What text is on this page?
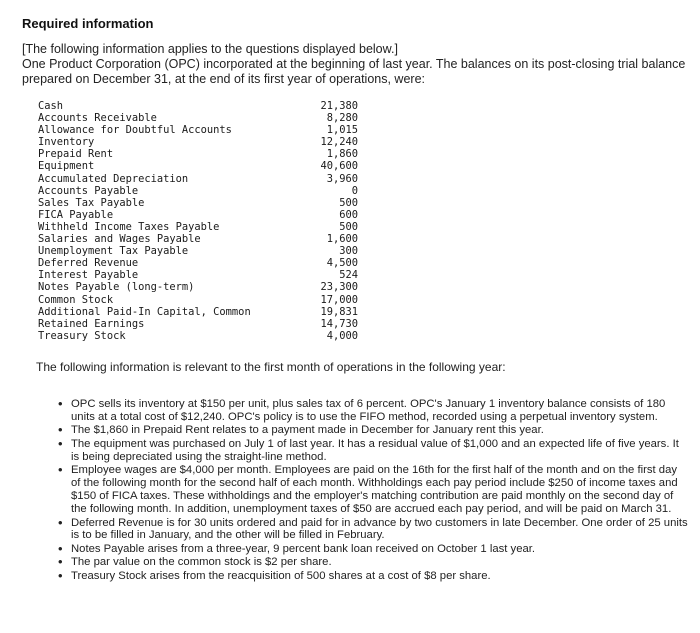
Required information
[The following information applies to the questions displayed below.]
One Product Corporation (OPC) incorporated at the beginning of last year. The balances on its post-closing trial balance
prepared on December 31, at the end of its first year of operations, were:
Cash	21,380
Accounts Receivable	8,280
Allowance for Doubtful Accounts	1,015
Inventory	12,240
Prepaid Rent	1,860
Equipment	40,600
Accumulated Depreciation	3,960
Accounts Payable	0
Sales Tax Payable	500
FICA Payable	600
Withheld Income Taxes Payable	500
Salaries and Wages Payable	1,600
Unemployment Tax Payable	300
Deferred Revenue	4,500
Interest Payable	524
Notes Payable (long-term)	23,300
Common Stock	17,000
Additional Paid-In Capital, Common	19,831
Retained Earnings	14,730
Treasury Stock	4,000
The following information is relevant to the first month of operations in the following year:
• OPC sells its inventory at $150 per unit, plus sales tax of 6 percent. OPC's January 1 inventory balance consists of 180 units at a total cost of $12,240. OPC's policy is to use the FIFO method, recorded using a perpetual inventory system.
• The $1,860 in Prepaid Rent relates to a payment made in December for January rent this year.
• The equipment was purchased on July 1 of last year. It has a residual value of $1,000 and an expected life of five years. It is being depreciated using the straight-line method.
• Employee wages are $4,000 per month. Employees are paid on the 16th for the first half of the month and on the first day of the following month for the second half of each month. Withholdings each pay period include $250 of income taxes and $150 of FICA taxes. These withholdings and the employer's matching contribution are paid monthly on the second day of the following month. In addition, unemployment taxes of $50 are accrued each pay period, and will be paid on March 31.
• Deferred Revenue is for 30 units ordered and paid for in advance by two customers in late December. One order of 25 units is to be filled in January, and the other will be filled in February.
• Notes Payable arises from a three-year, 9 percent bank loan received on October 1 last year.
• The par value on the common stock is $2 per share.
• Treasury Stock arises from the reacquisition of 500 shares at a cost of $8 per share.
